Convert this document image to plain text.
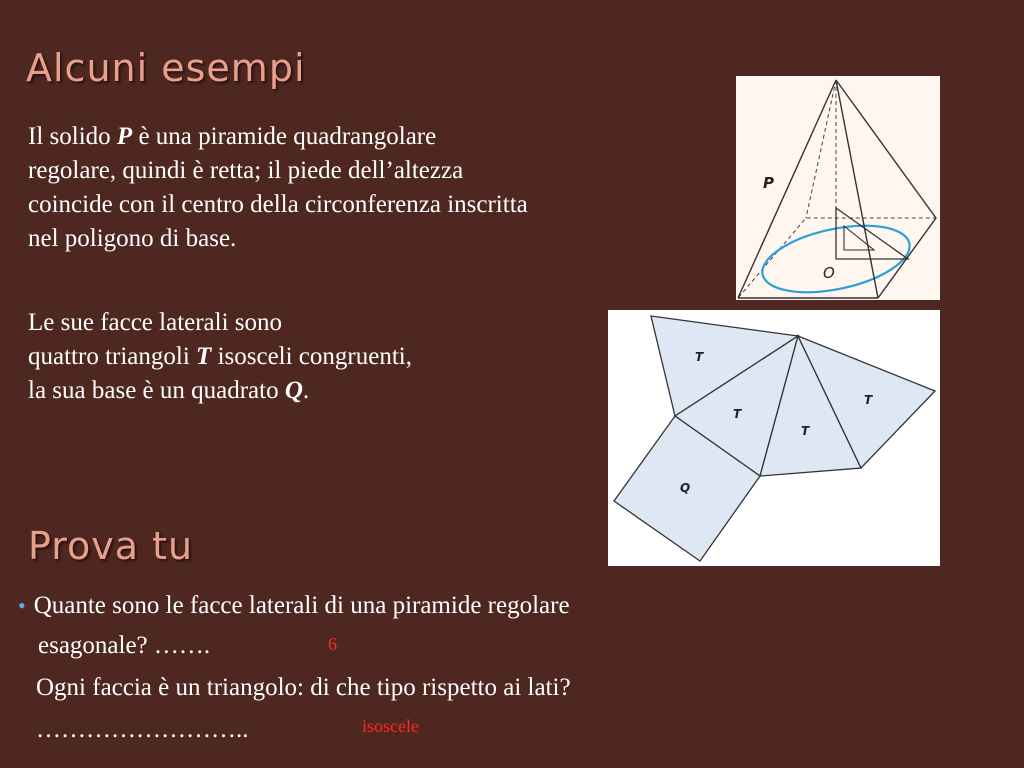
Alcuni esempi

Il solido P è una piramide quadrangolare
regolare, quindi è retta; il piede dell’altezza
coincide con il centro della circonferenza inscritta
nel poligono di base.

Le sue facce laterali sono
quattro triangoli T isosceli congruenti,
la sua base è un quadrato Q.

P
O
T
T
T
T
Q
Prova tu
• Quante sono le facce laterali di una piramide regolare
esagonale? …….	6
Ogni faccia è un triangolo: di che tipo rispetto ai lati?
……………………..	isoscele
